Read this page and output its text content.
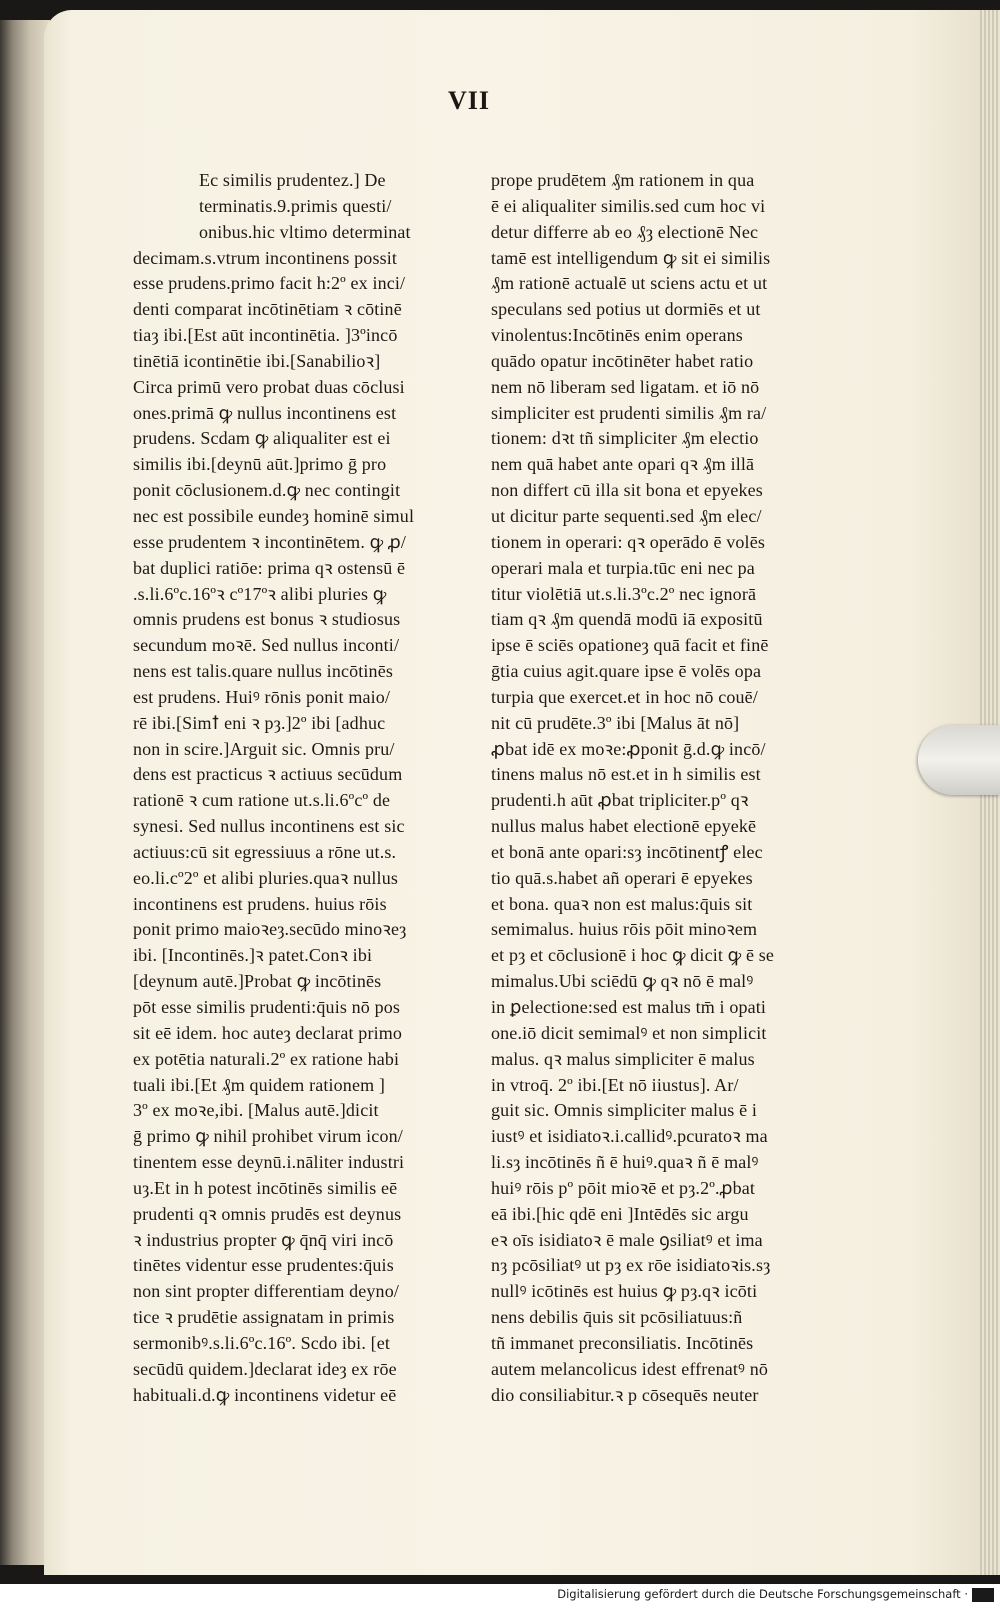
VII
Ec similis prudentez.] De
terminatis.9.primis questi/
onibus.hic vltimo determinat
decimam.s.vtrum incontinens possit
esse prudens.primo facit h:2º ex inci/
denti comparat incōtinētiam ꝛ cōtinē
tiaȝ ibi.[Est aūt incontinētia. ]3ºincō
tinētiā icontinētie ibi.[Sanabilioꝛ]
Circa primū vero probat duas cōclusi
ones.primā ꝙ nullus incontinens est
prudens. Scdam ꝙ aliqualiter est ei
similis ibi.[deynū aūt.]primo ḡ pro
ponit cōclusionem.d.ꝙ nec contingit
nec est possibile eundeȝ hominē simul
esse prudentem ꝛ incontinētem. ꝙ ꝓ/
bat duplici ratiōe: prima qꝛ ostensū ē
.s.li.6ºc.16ºꝛ cº17ºꝛ alibi pluries ꝙ
omnis prudens est bonus ꝛ studiosus
secundum moꝛē. Sed nullus inconti/
nens est talis.quare nullus incōtinēs
est prudens. Huiꝰ rōnis ponit maio/
rē ibi.[Simꝉ eni ꝛ pȝ.]2º ibi [adhuc
non in scire.]Arguit sic. Omnis pru/
dens est practicus ꝛ actiuus secūdum
rationē ꝛ cum ratione ut.s.li.6ºcº de
synesi. Sed nullus incontinens est sic
actiuus:cū sit egressiuus a rōne ut.s.
eo.li.cº2º et alibi pluries.quaꝛ nullus
incontinens est prudens. huius rōis
ponit primo maioꝛeȝ.secūdo minoꝛeȝ
ibi. [Incontinēs.]ꝛ patet.Conꝛ ibi
[deynum autē.]Probat ꝙ incōtinēs
pōt esse similis prudenti:q̄uis nō pos
sit eē idem. hoc auteȝ declarat primo
ex potētia naturali.2º ex ratione habi
tuali ibi.[Et ₰m quidem rationem ]
3º ex moꝛe,ibi. [Malus autē.]dicit
ḡ primo ꝙ nihil prohibet virum icon/
tinentem esse deynū.i.nāliter industri
uȝ.Et in h potest incōtinēs similis eē
prudenti qꝛ omnis prudēs est deynus
ꝛ industrius propter ꝙ q̄nq̄ viri incō
tinētes videntur esse prudentes:q̄uis
non sint propter differentiam deyno/
tice ꝛ prudētie assignatam in primis
sermonibꝰ.s.li.6ºc.16º. Scdo ibi. [et
secūdū quidem.]declarat ideȝ ex rōe
habituali.d.ꝙ incontinens videtur eē
prope prudētem ₰m rationem in qua
ē ei aliqualiter similis.sed cum hoc vi
detur differre ab eo ₰ȝ electionē Nec
tamē est intelligendum ꝙ sit ei similis
₰m rationē actualē ut sciens actu et ut
speculans sed potius ut dormiēs et ut
vinolentus:Incōtinēs enim operans
quādo opatur incōtinēter habet ratio
nem nō liberam sed ligatam. et iō nō
simpliciter est prudenti similis ₰m ra/
tionem: dꝛt tñ simpliciter ₰m electio
nem quā habet ante opari qꝛ ₰m illā
non differt cū illa sit bona et epyekes
ut dicitur parte sequenti.sed ₰m elec/
tionem in operari: qꝛ operādo ē volēs
operari mala et turpia.tūc eni nec pa
titur violētiā ut.s.li.3ºc.2º nec ignorā
tiam qꝛ ₰m quendā modū iā expositū
ipse ē sciēs opationeȝ quā facit et finē
ḡtia cuius agit.quare ipse ē volēs opa
turpia que exercet.et in hoc nō couē/
nit cū prudēte.3º ibi [Malus āt nō]
ꝓbat idē ex moꝛe:ꝓponit ḡ.d.ꝙ incō/
tinens malus nō est.et in h similis est
prudenti.h aūt ꝓbat tripliciter.pº qꝛ
nullus malus habet electionē epyekē
et bonā ante opari:sȝ incōtinentꝭ elec
tio quā.s.habet añ operari ē epyekes
et bona. quaꝛ non est malus:q̄uis sit
semimalus. huius rōis pōit minoꝛem
et pȝ et cōclusionē i hoc ꝙ dicit ꝙ ē se
mimalus.Ubi sciēdū ꝙ qꝛ nō ē malꝰ
in ꝑelectione:sed est malus tm̄ i opati
one.iō dicit semimalꝰ et non simplicit
malus. qꝛ malus simpliciter ē malus
in vtroq̄. 2º ibi.[Et nō iiustus]. Ar/
guit sic. Omnis simpliciter malus ē i
iustꝰ et isidiatoꝛ.i.callidꝰ.pcuratoꝛ ma
li.sȝ incōtinēs ñ ē huiꝰ.quaꝛ ñ ē malꝰ
huiꝰ rōis pº pōit mioꝛē et pȝ.2º.ꝓbat
eā ibi.[hic qdē eni ]Intēdēs sic argu
eꝛ oīs isidiatoꝛ ē male ꝯsiliatꝰ et ima
nȝ pcōsiliatꝰ ut pȝ ex rōe isidiatoꝛis.sȝ
nullꝰ icōtinēs est huius ꝙ pȝ.qꝛ icōti
nens debilis q̄uis sit pcōsiliatuus:ñ
tñ immanet preconsiliatis. Incōtinēs
autem melancolicus idest effrenatꝰ nō
dio consiliabitur.ꝛ p cōsequēs neuter
Digitalisierung gefördert durch die Deutsche Forschungsgemeinschaft ·
